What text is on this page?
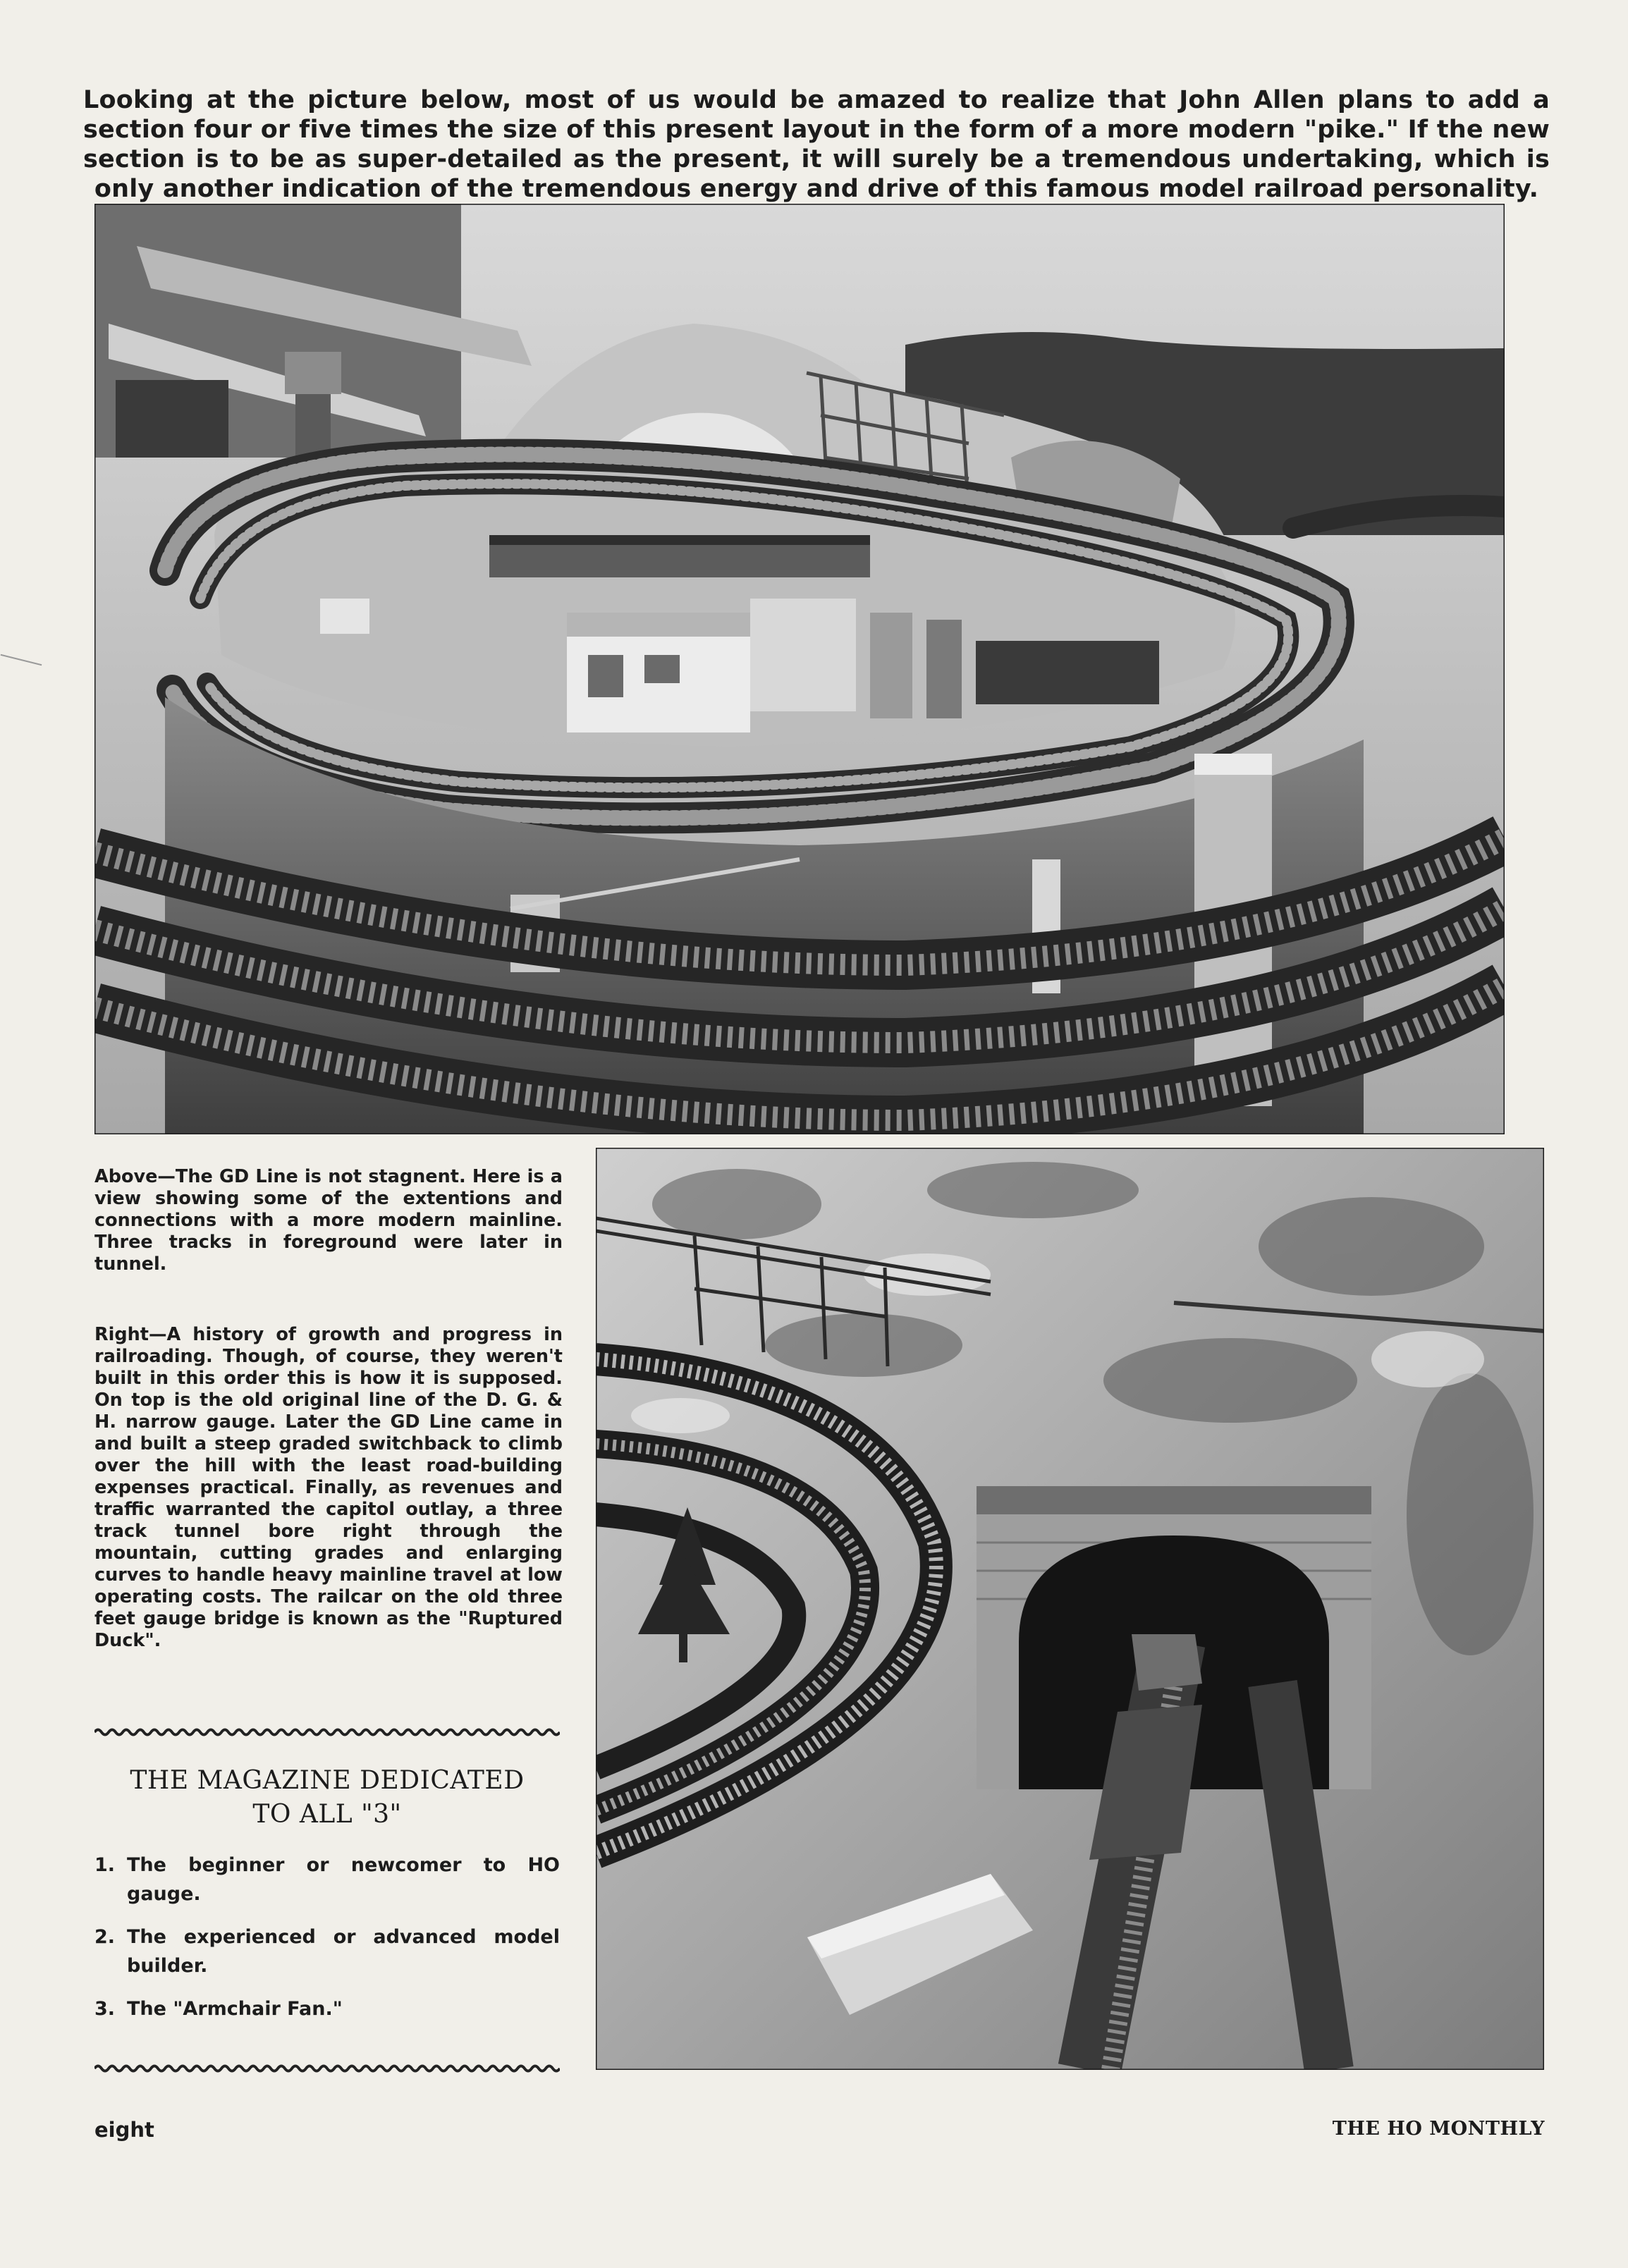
Looking at the picture below, most of us would be amazed to realize that John Allen plans to add a section four or five times the size of this present layout in the form of a more modern "pike." If the new section is to be as super-detailed as the present, it will surely be a tremendous undertaking, which is only another indication of the tremendous energy and drive of this famous model railroad personality.

Above—The GD Line is not stagnent. Here is a view showing some of the extentions and connections with a more modern mainline. Three tracks in foreground were later in tunnel.

Right—A history of growth and progress in railroading. Though, of course, they weren't built in this order this is how it is supposed. On top is the old original line of the D. G. & H. narrow gauge. Later the GD Line came in and built a steep graded switchback to climb over the hill with the least road-building expenses practical. Finally, as revenues and traffic warranted the capitol outlay, a three track tunnel bore right through the mountain, cutting grades and enlarging curves to handle heavy mainline travel at low operating costs. The railcar on the old three feet gauge bridge is known as the "Ruptured Duck".

THE MAGAZINE DEDICATED
TO ALL "3"
1. The beginner or newcomer to HO gauge.
2. The experienced or advanced model builder.
3. The "Armchair Fan."
eight	THE HO MONTHLY
